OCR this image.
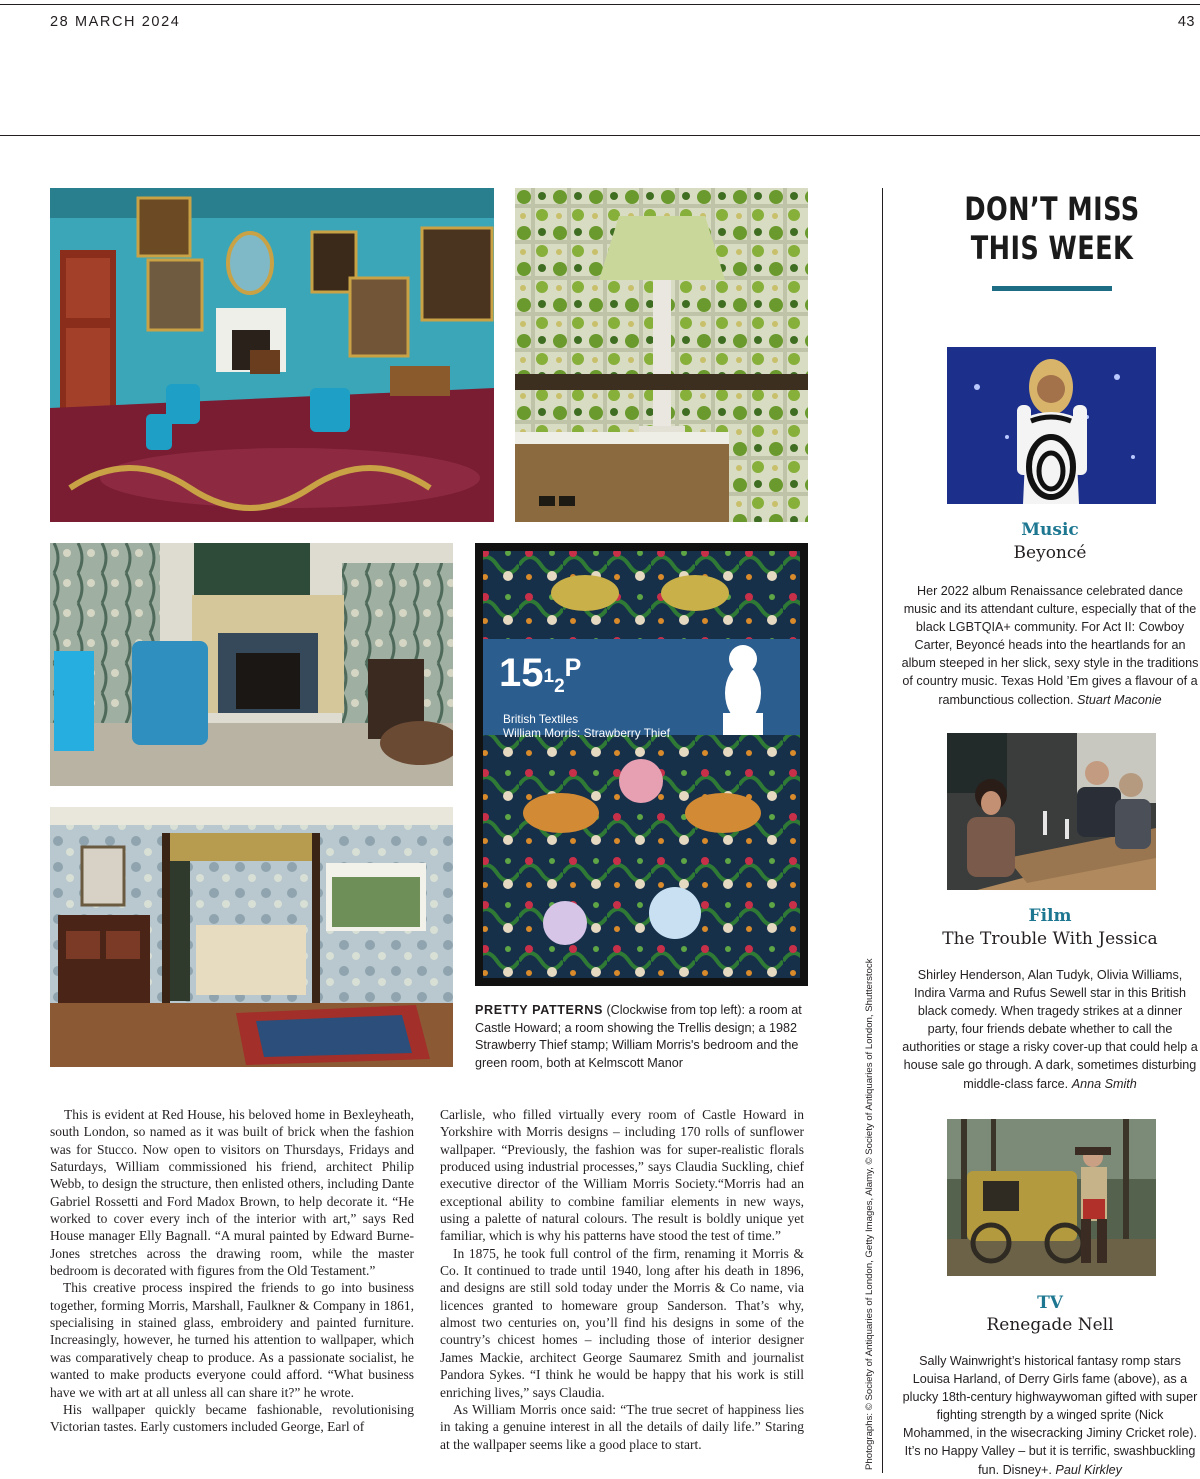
28 MARCH 2024	43
$1512^P$
British Textiles
William Morris: Strawberry Thief
PRETTY PATTERNS (Clockwise from top left): a room at Castle Howard; a room showing the Trellis design; a 1982 Strawberry Thief stamp; William Morris's bedroom and the green room, both at Kelmscott Manor

This is evident at Red House, his beloved home in Bexleyheath, south London, so named as it was built of brick when the fashion was for Stucco. Now open to visitors on Thursdays, Fridays and Saturdays, William commissioned his friend, architect Philip Webb, to design the structure, then enlisted others, including Dante Gabriel Rossetti and Ford Madox Brown, to help decorate it. “He worked to cover every inch of the interior with art,” says Red House manager Elly Bagnall. “A mural painted by Edward Burne-Jones stretches across the drawing room, while the master bedroom is decorated with figures from the Old Testament.”

This creative process inspired the friends to go into business together, forming Morris, Marshall, Faulkner & Company in 1861, specialising in stained glass, embroidery and painted furniture. Increasingly, however, he turned his attention to wallpaper, which was comparatively cheap to produce. As a passionate socialist, he wanted to make products everyone could afford. “What business have we with art at all unless all can share it?” he wrote.

His wallpaper quickly became fashionable, revolutionising Victorian tastes. Early customers included George, Earl of

Carlisle, who filled virtually every room of Castle Howard in Yorkshire with Morris designs – including 170 rolls of sunflower wallpaper. “Previously, the fashion was for super-realistic florals produced using industrial processes,” says Claudia Suckling, chief executive director of the William Morris Society.“Morris had an exceptional ability to combine familiar elements in new ways, using a palette of natural colours. The result is boldly unique yet familiar, which is why his patterns have stood the test of time.”

In 1875, he took full control of the firm, renaming it Morris & Co. It continued to trade until 1940, long after his death in 1896, and designs are still sold today under the Morris & Co name, via licences granted to homeware group Sanderson. That’s why, almost two centuries on, you’ll find his designs in some of the country’s chicest homes – including those of interior designer James Mackie, architect George Saumarez Smith and journalist Pandora Sykes. “I think he would be happy that his work is still enriching lives,” says Claudia.

As William Morris once said: “The true secret of happiness lies in taking a genuine interest in all the details of daily life.” Staring at the wallpaper seems like a good place to start.	Photographs: © Society of Antiquaries of London, Getty Images, Alamy, © Society of Antiquaries of London, Shutterstock
DON’T MISS
THIS WEEK
Music
Beyoncé
Her 2022 album Renaissance celebrated dance music and its attendant culture, especially that of the black LGBTQIA+ community. For Act II: Cowboy Carter, Beyoncé heads into the heartlands for an album steeped in her slick, sexy style in the traditions of country music. Texas Hold ’Em gives a flavour of a rambunctious collection. Stuart Maconie
Film
The Trouble With Jessica
Shirley Henderson, Alan Tudyk, Olivia Williams, Indira Varma and Rufus Sewell star in this British black comedy. When tragedy strikes at a dinner party, four friends debate whether to call the authorities or stage a risky cover-up that could help a house sale go through. A dark, sometimes disturbing middle-class farce. Anna Smith
TV
Renegade Nell
Sally Wainwright’s historical fantasy romp stars Louisa Harland, of Derry Girls fame (above), as a plucky 18th-century highwaywoman gifted with super fighting strength by a winged sprite (Nick Mohammed, in the wisecracking Jiminy Cricket role). It’s no Happy Valley – but it is terrific, swashbuckling fun. Disney+. Paul Kirkley
